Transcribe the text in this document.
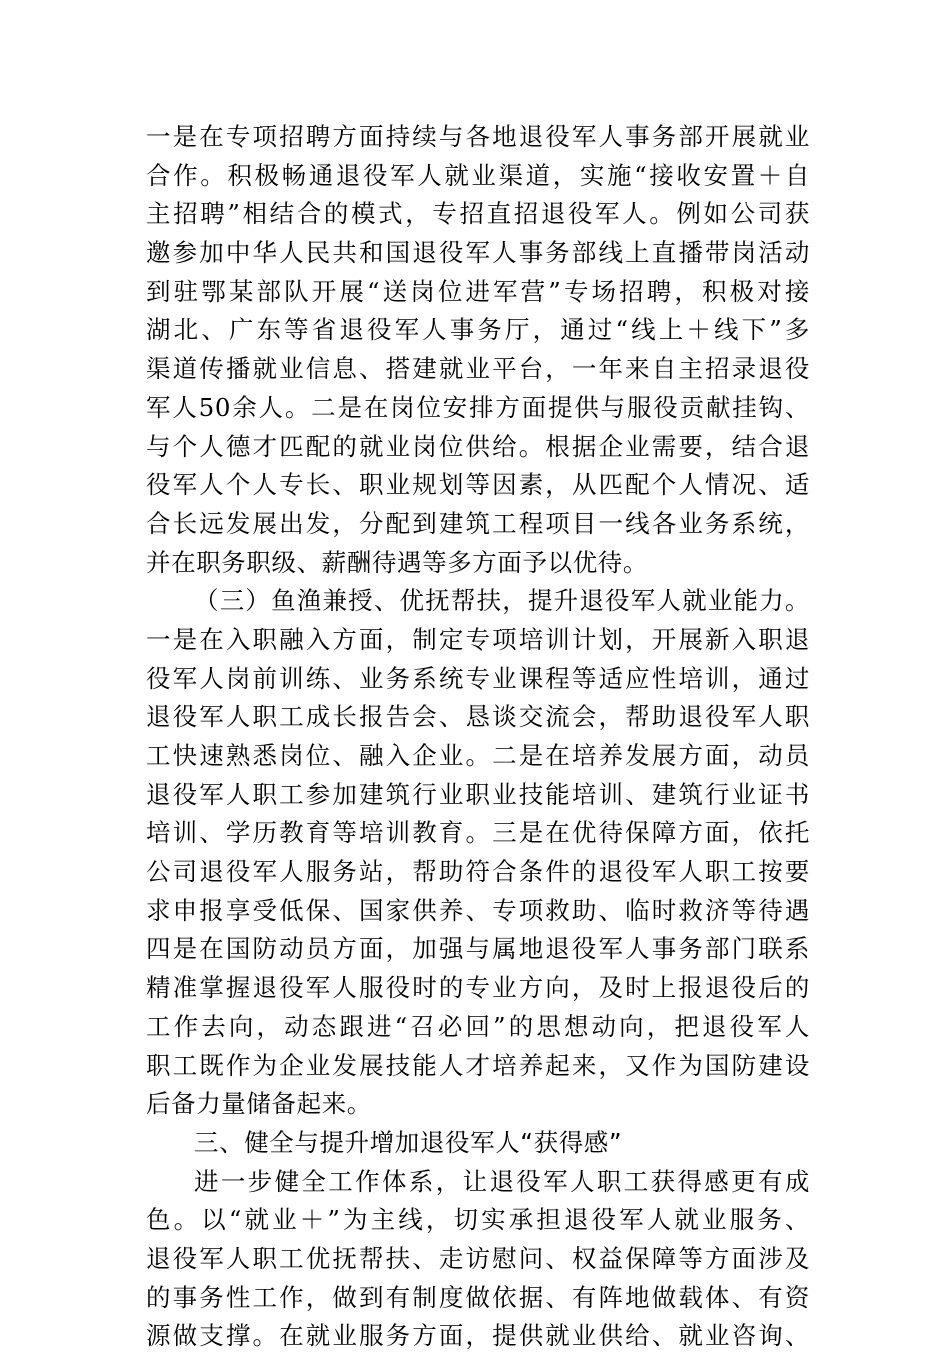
一是在专项招聘方面持续与各地退役军人事务部开展就业
合作。积极畅通退役军人就业渠道，实施“接收安置＋自
主招聘”相结合的模式，专招直招退役军人。例如公司获
邀参加中华人民共和国退役军人事务部线上直播带岗活动
到驻鄂某部队开展“送岗位进军营”专场招聘，积极对接
湖北、广东等省退役军人事务厅，通过“线上＋线下”多
渠道传播就业信息、搭建就业平台，一年来自主招录退役
军人50余人。二是在岗位安排方面提供与服役贡献挂钩、
与个人德才匹配的就业岗位供给。根据企业需要，结合退
役军人个人专长、职业规划等因素，从匹配个人情况、适
合长远发展出发，分配到建筑工程项目一线各业务系统，
并在职务职级、薪酬待遇等多方面予以优待。
（三）鱼渔兼授、优抚帮扶，提升退役军人就业能力。
一是在入职融入方面，制定专项培训计划，开展新入职退
役军人岗前训练、业务系统专业课程等适应性培训，通过
退役军人职工成长报告会、恳谈交流会，帮助退役军人职
工快速熟悉岗位、融入企业。二是在培养发展方面，动员
退役军人职工参加建筑行业职业技能培训、建筑行业证书
培训、学历教育等培训教育。三是在优待保障方面，依托
公司退役军人服务站，帮助符合条件的退役军人职工按要
求申报享受低保、国家供养、专项救助、临时救济等待遇
四是在国防动员方面，加强与属地退役军人事务部门联系
精准掌握退役军人服役时的专业方向，及时上报退役后的
工作去向，动态跟进“召必回”的思想动向，把退役军人
职工既作为企业发展技能人才培养起来，又作为国防建设
后备力量储备起来。
三、健全与提升增加退役军人“获得感”
进一步健全工作体系，让退役军人职工获得感更有成
色。以“就业＋”为主线，切实承担退役军人就业服务、
退役军人职工优抚帮扶、走访慰问、权益保障等方面涉及
的事务性工作，做到有制度做依据、有阵地做载体、有资
源做支撑。在就业服务方面，提供就业供给、就业咨询、
